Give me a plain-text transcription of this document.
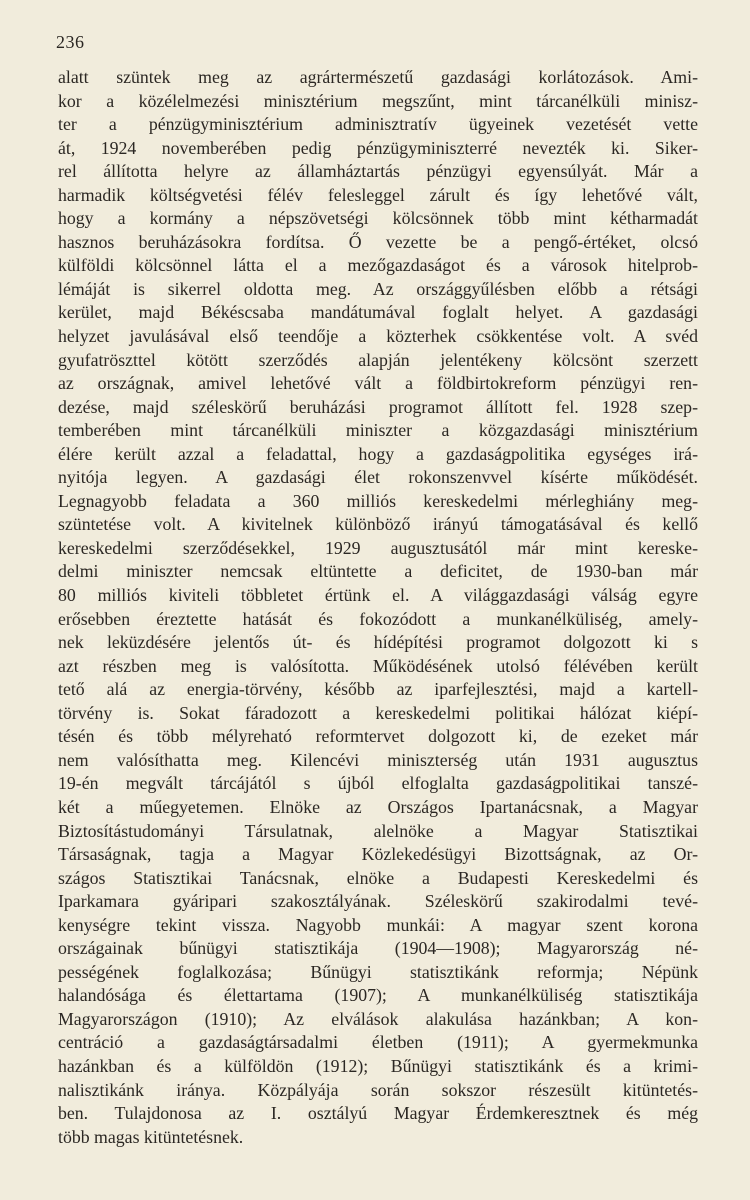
236
alatt szüntek meg az agrártermészetű gazdasági korlátozások. Ami-
kor a közélelmezési minisztérium megszűnt, mint tárcanélküli minisz-
ter a pénzügyminisztérium adminisztratív ügyeinek vezetését vette
át, 1924 novemberében pedig pénzügyminiszterré nevezték ki. Siker-
rel állította helyre az államháztartás pénzügyi egyensúlyát. Már a
harmadik költségvetési félév felesleggel zárult és így lehetővé vált,
hogy a kormány a népszövetségi kölcsönnek több mint kétharmadát
hasznos beruházásokra fordítsa. Ő vezette be a pengő-értéket, olcsó
külföldi kölcsönnel látta el a mezőgazdaságot és a városok hitelprob-
lémáját is sikerrel oldotta meg. Az országgyűlésben előbb a rétsági
kerület, majd Békéscsaba mandátumával foglalt helyet. A gazdasági
helyzet javulásával első teendője a közterhek csökkentése volt. A svéd
gyufatröszttel kötött szerződés alapján jelentékeny kölcsönt szerzett
az országnak, amivel lehetővé vált a földbirtokreform pénzügyi ren-
dezése, majd széleskörű beruházási programot állított fel. 1928 szep-
temberében mint tárcanélküli miniszter a közgazdasági minisztérium
élére került azzal a feladattal, hogy a gazdaságpolitika egységes irá-
nyitója legyen. A gazdasági élet rokonszenvvel kísérte működését.
Legnagyobb feladata a 360 milliós kereskedelmi mérleghiány meg-
szüntetése volt. A kivitelnek különböző irányú támogatásával és kellő
kereskedelmi szerződésekkel, 1929 augusztusától már mint kereske-
delmi miniszter nemcsak eltüntette a deficitet, de 1930-ban már
80 milliós kiviteli többletet értünk el. A világgazdasági válság egyre
erősebben éreztette hatását és fokozódott a munkanélküliség, amely-
nek leküzdésére jelentős út- és hídépítési programot dolgozott ki s
azt részben meg is valósította. Működésének utolsó félévében került
tető alá az energia-törvény, később az iparfejlesztési, majd a kartell-
törvény is. Sokat fáradozott a kereskedelmi politikai hálózat kiépí-
tésén és több mélyreható reformtervet dolgozott ki, de ezeket már
nem valósíthatta meg. Kilencévi miniszterség után 1931 augusztus
19-én megvált tárcájától s újból elfoglalta gazdaságpolitikai tanszé-
két a műegyetemen. Elnöke az Országos Ipartanácsnak, a Magyar
Biztosítástudományi Társulatnak, alelnöke a Magyar Statisztikai
Társaságnak, tagja a Magyar Közlekedésügyi Bizottságnak, az Or-
szágos Statisztikai Tanácsnak, elnöke a Budapesti Kereskedelmi és
Iparkamara gyáripari szakosztályának. Széleskörű szakirodalmi tevé-
kenységre tekint vissza. Nagyobb munkái: A magyar szent korona
országainak bűnügyi statisztikája (1904—1908); Magyarország né-
pességének foglalkozása; Bűnügyi statisztikánk reformja; Népünk
halandósága és élettartama (1907); A munkanélküliség statisztikája
Magyarországon (1910); Az elválások alakulása hazánkban; A kon-
centráció a gazdaságtársadalmi életben (1911); A gyermekmunka
hazánkban és a külföldön (1912); Bűnügyi statisztikánk és a krimi-
nalisztikánk iránya. Közpályája során sokszor részesült kitüntetés-
ben. Tulajdonosa az I. osztályú Magyar Érdemkeresztnek és még
több magas kitüntetésnek.
